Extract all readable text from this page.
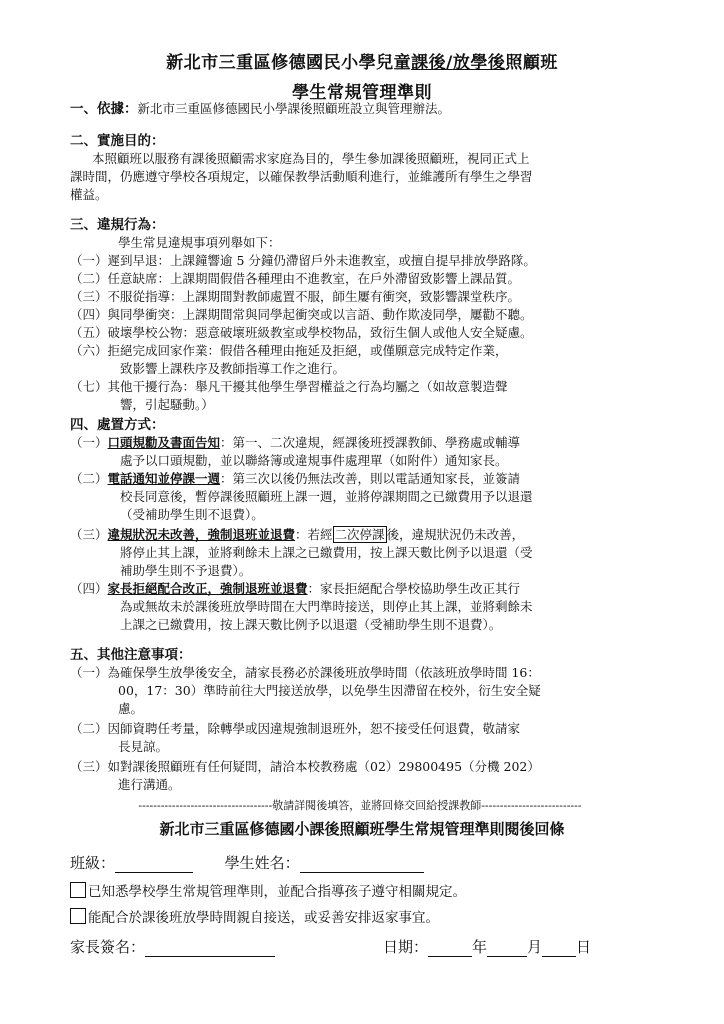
新北市三重區修德國民小學兒童課後/放學後照顧班
學生常規管理準則
一、依據：新北市三重區修德國民小學課後照顧班設立與管理辦法。
二、實施目的：
本照顧班以服務有課後照顧需求家庭為目的，學生參加課後照顧班，視同正式上
課時間，仍應遵守學校各項規定，以確保教學活動順利進行，並維護所有學生之學習
權益。
三、違規行為：
學生常見違規事項列舉如下：
（一）遲到早退：上課鐘響逾 5 分鐘仍滯留戶外未進教室，或擅自提早排放學路隊。
（二）任意缺席：上課期間假借各種理由不進教室，在戶外滯留致影響上課品質。
（三）不服從指導：上課期間對教師處置不服，師生屢有衝突，致影響課堂秩序。
（四）與同學衝突：上課期間常與同學起衝突或以言語、動作欺凌同學，屢勸不聽。
（五）破壞學校公物：惡意破壞班級教室或學校物品，致衍生個人或他人安全疑慮。
（六）拒絕完成回家作業：假借各種理由拖延及拒絕，或僅願意完成特定作業，
致影響上課秩序及教師指導工作之進行。
（七）其他干擾行為：舉凡干擾其他學生學習權益之行為均屬之（如故意製造聲
響，引起騷動。）
四、處置方式：
（一）口頭規勸及書面告知：第一、二次違規，經課後班授課教師、學務處或輔導
處予以口頭規勸，並以聯絡簿或違規事件處理單（如附件）通知家長。
（二）電話通知並停課一週：第三次以後仍無法改善，則以電話通知家長，並簽請
校長同意後，暫停課後照顧班上課一週，並將停課期間之已繳費用予以退還
（受補助學生則不退費）。
（三）違規狀況未改善，強制退班並退費：若經 二次停課 後，違規狀況仍未改善，
將停止其上課，並將剩餘未上課之已繳費用，按上課天數比例予以退還（受
補助學生則不予退費）。
（四）家長拒絕配合改正，強制退班並退費：家長拒絕配合學校協助學生改正其行
為或無故未於課後班放學時間在大門準時接送，則停止其上課，並將剩餘未
上課之已繳費用，按上課天數比例予以退還（受補助學生則不退費）。
五、其他注意事項：
（一）為確保學生放學後安全，請家長務必於課後班放學時間（依該班放學時間 16：
00，17：30）準時前往大門接送放學，以免學生因滯留在校外，衍生安全疑
慮。
（二）因師資聘任考量，除轉學或因違規強制退班外，恕不接受任何退費，敬請家
長見諒。
（三）如對課後照顧班有任何疑問，請洽本校教務處（02）29800495（分機 202）
進行溝通。
------------------------------------敬請詳閱後填答，並將回條交回給授課教師---------------------------
新北市三重區修德國小課後照顧班學生常規管理準則閱後回條
班級：	學生姓名：
已知悉學校學生常規管理準則，並配合指導孩子遵守相關規定。
能配合於課後班放學時間親自接送，或妥善安排返家事宜。
家長簽名：	日期：	年	月 日
